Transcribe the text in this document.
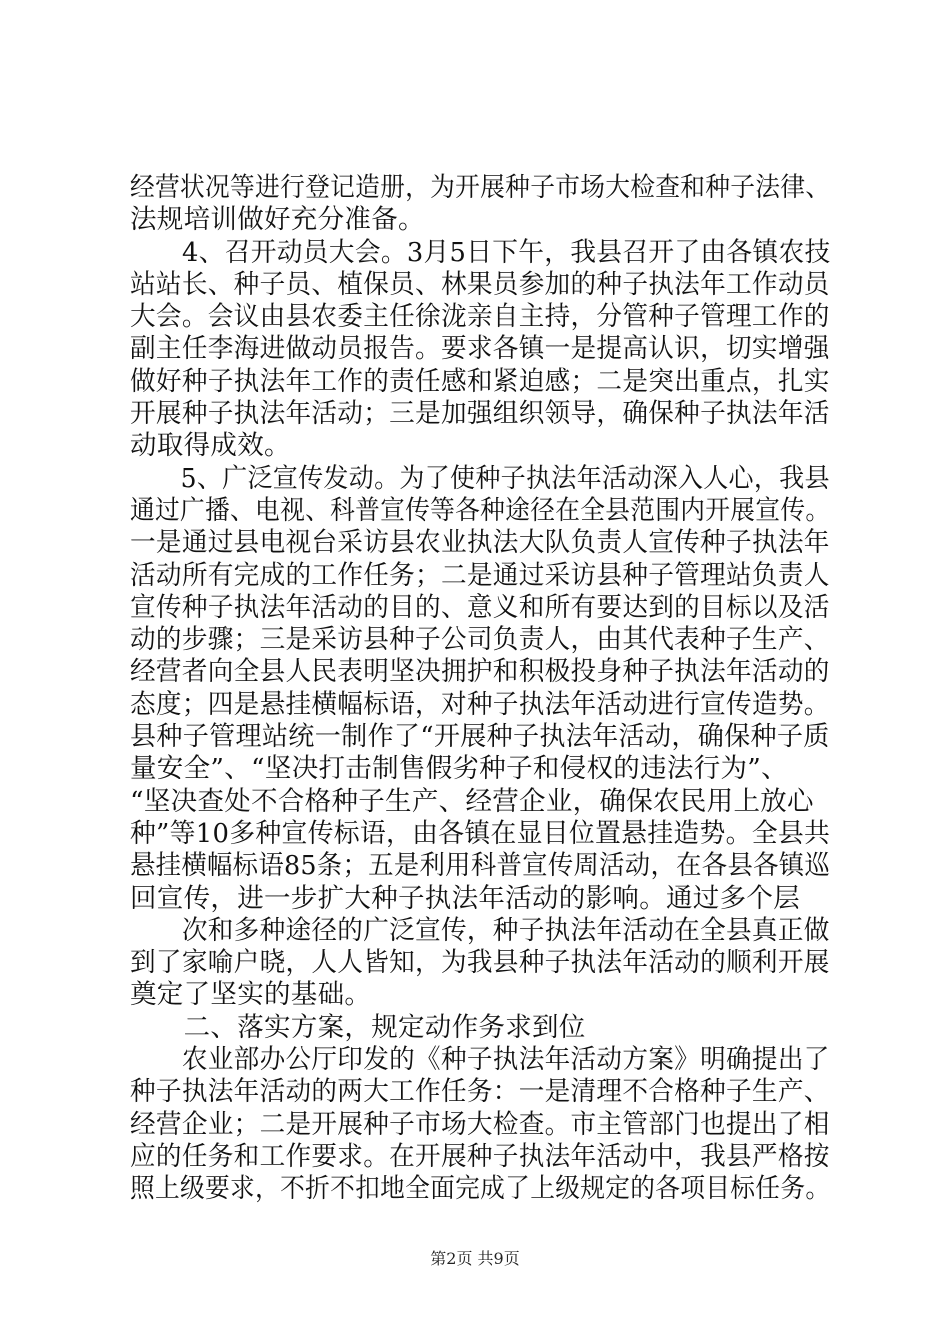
经营状况等进行登记造册，为开展种子市场大检查和种子法律、
法规培训做好充分准备。
　　4、召开动员大会。3月5日下午，我县召开了由各镇农技
站站长、种子员、植保员、林果员参加的种子执法年工作动员
大会。会议由县农委主任徐泷亲自主持，分管种子管理工作的
副主任李海进做动员报告。要求各镇一是提高认识，切实增强
做好种子执法年工作的责任感和紧迫感；二是突出重点，扎实
开展种子执法年活动；三是加强组织领导，确保种子执法年活
动取得成效。
　　5、广泛宣传发动。为了使种子执法年活动深入人心，我县
通过广播、电视、科普宣传等各种途径在全县范围内开展宣传。
一是通过县电视台采访县农业执法大队负责人宣传种子执法年
活动所有完成的工作任务；二是通过采访县种子管理站负责人
宣传种子执法年活动的目的、意义和所有要达到的目标以及活
动的步骤；三是采访县种子公司负责人，由其代表种子生产、
经营者向全县人民表明坚决拥护和积极投身种子执法年活动的
态度；四是悬挂横幅标语，对种子执法年活动进行宣传造势。
县种子管理站统一制作了“开展种子执法年活动，确保种子质
量安全”、“坚决打击制售假劣种子和侵权的违法行为”、
“坚决查处不合格种子生产、经营企业，确保农民用上放心
种”等10多种宣传标语，由各镇在显目位置悬挂造势。全县共
悬挂横幅标语85条；五是利用科普宣传周活动，在各县各镇巡
回宣传，进一步扩大种子执法年活动的影响。通过多个层
　　次和多种途径的广泛宣传，种子执法年活动在全县真正做
到了家喻户晓，人人皆知，为我县种子执法年活动的顺利开展
奠定了坚实的基础。
　　二、落实方案，规定动作务求到位
　　农业部办公厅印发的《种子执法年活动方案》明确提出了
种子执法年活动的两大工作任务：一是清理不合格种子生产、
经营企业；二是开展种子市场大检查。市主管部门也提出了相
应的任务和工作要求。在开展种子执法年活动中，我县严格按
照上级要求，不折不扣地全面完成了上级规定的各项目标任务。
第2页 共9页
